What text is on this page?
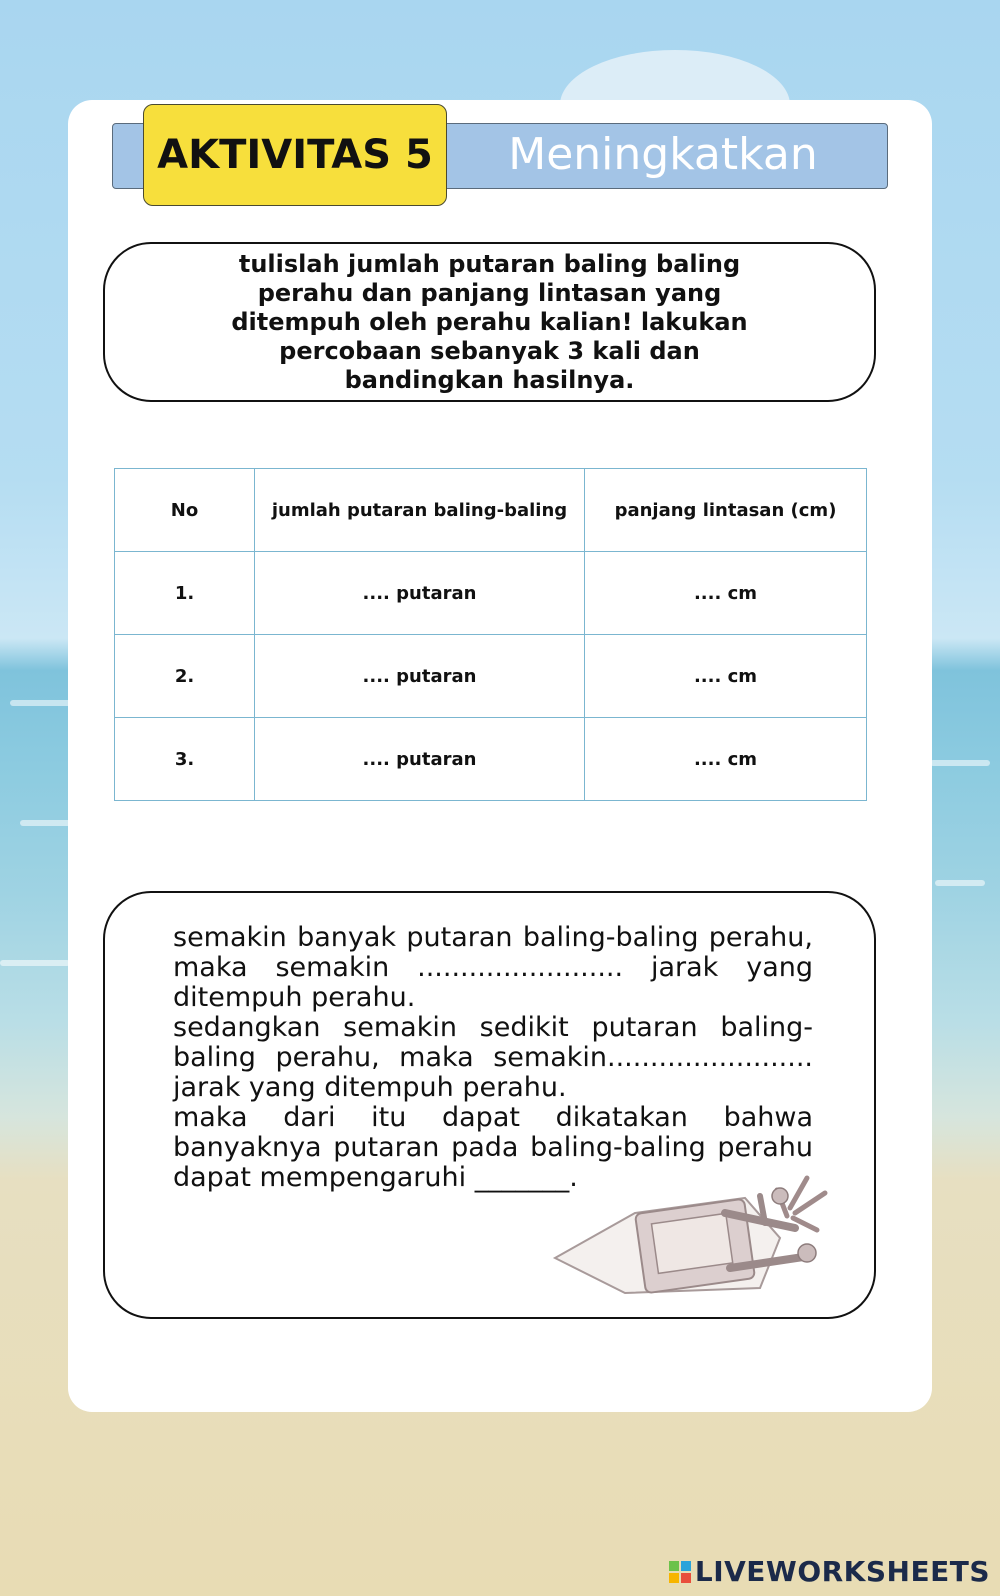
Meningkatkan
AKTIVITAS 5
tulislah jumlah putaran baling baling perahu dan panjang lintasan yang ditempuh oleh perahu kalian! lakukan percobaan sebanyak 3 kali dan bandingkan hasilnya.
No	jumlah putaran baling-baling	panjang lintasan (cm)
1.	.... putaran	.... cm
2.	.... putaran	.... cm
3.	.... putaran	.... cm

semakin banyak putaran baling-baling perahu, maka semakin ........................ jarak yang ditempuh perahu.

sedangkan semakin sedikit putaran baling-baling perahu, maka semakin........................ jarak yang ditempuh perahu.

maka dari itu dapat dikatakan bahwa banyaknya putaran pada baling-baling perahu dapat mempengaruhi _______.

LIVEWORKSHEETS
